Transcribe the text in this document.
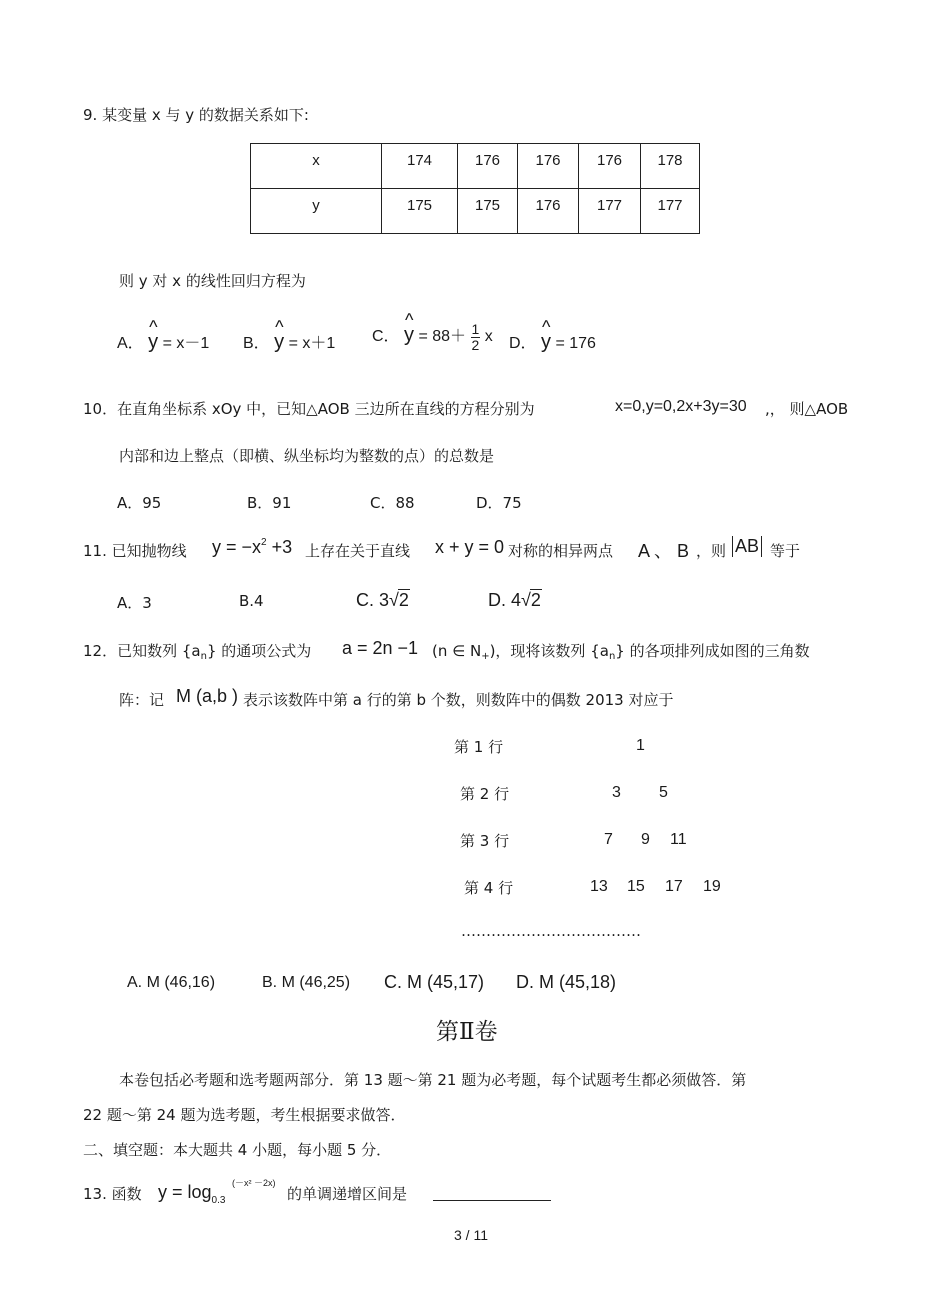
9. 某变量 x 与 y 的数据关系如下:
x	174	176	176	176	178
y	175	175	176	177	177
则 y 对 x 的线性回归方程为
A． ^ y = x－1 B． ^ y = x＋1 C． ^ $y = 88+ \frac{1}{2}$ x D． ^ y = 176
10．在直角坐标系 xOy 中，已知△AOB 三边所在直线的方程分别为	x=0,y=0,2x+3y=30 ,， 则△AOB
内部和边上整点（即横、纵坐标均为整数的点）的总数是
A．95	B．91	C．88	D．75
11. 已知抛物线 $y = -x^2 +3$ 上存在关于直线 x + y = 0 对称的相异两点 A 、 B ，则 AB 等于
A．3	B.4	C. 3√2	D. 4√2
12．已知数列 $\{a_n\}$ 的通项公式为 a = 2n −1 (n ∈ $N_+$)，现将该数列 $\{a_n\}$ 的各项排列成如图的三角数
阵：记 M (a,b ) 表示该数阵中第 a 行的第 b 个数，则数阵中的偶数 2013 对应于
第 1 行	1
第 2 行	3 5
第 3 行	7 9 11
第 4 行	13 15 17 19
………………………………
A. M (46,16)	B. M (46,25) C. M (45,17) D. M (45,18)
第Ⅱ卷
本卷包括必考题和选考题两部分．第 13 题～第 21 题为必考题，每个试题考生都必须做答．第
22 题～第 24 题为选考题，考生根据要求做答．
二、填空题：本大题共 4 小题，每小题 5 分．
13. 函数 $y = \log_{0.3}$
(－x² －2x)
的单调递增区间是
3 / 11
